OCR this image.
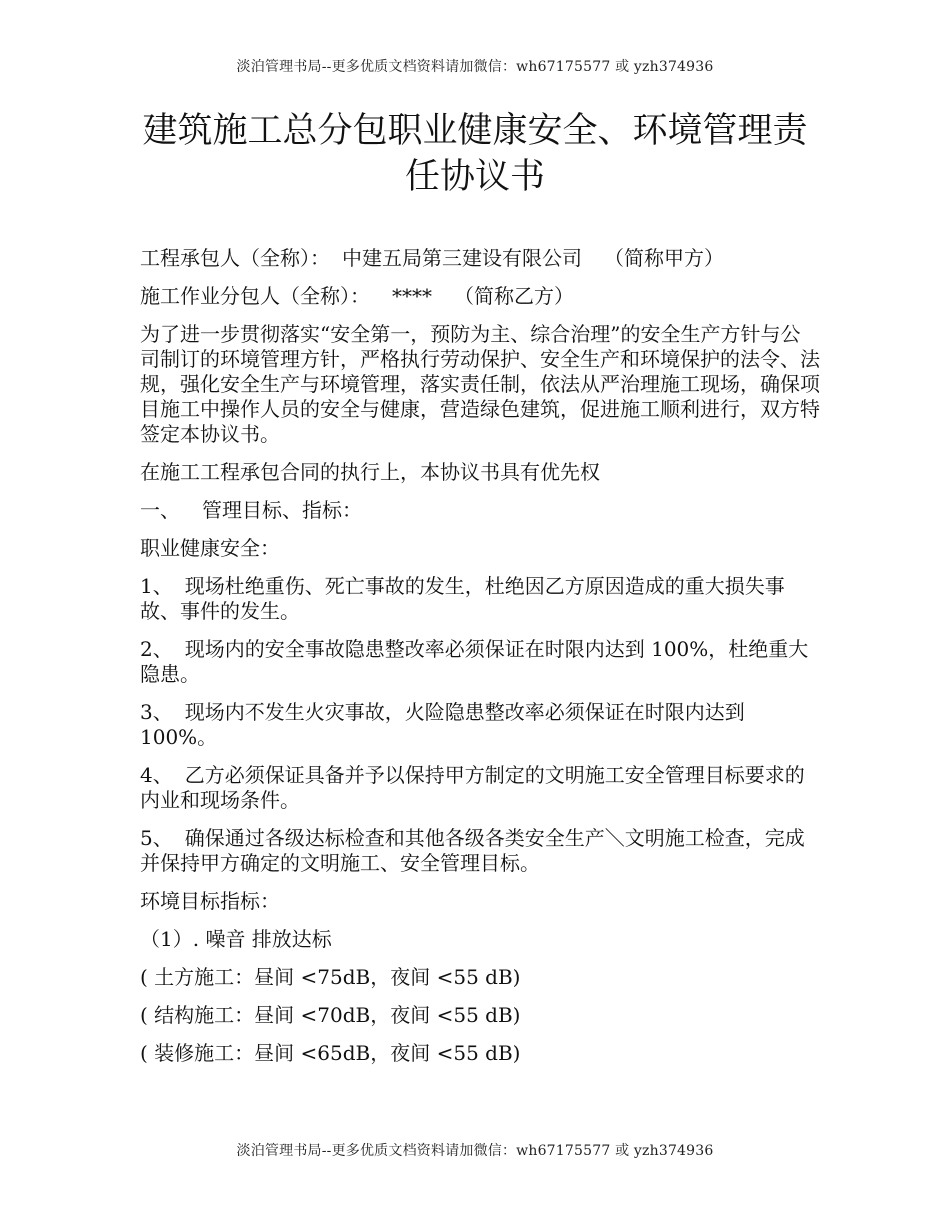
淡泊管理书局--更多优质文档资料请加微信：wh67175577 或 yzh374936
建筑施工总分包职业健康安全、环境管理责
任协议书

工程承包人（全称）： 中建五局第三建设有限公司 （简称甲方）

施工作业分包人（全称）： **** （简称乙方）

为了进一步贯彻落实“安全第一，预防为主、综合治理”的安全生产方针与公司制订的环境管理方针，严格执行劳动保护、安全生产和环境保护的法令、法规，强化安全生产与环境管理，落实责任制，依法从严治理施工现场，确保项目施工中操作人员的安全与健康，营造绿色建筑，促进施工顺利进行，双方特签定本协议书。

在施工工程承包合同的执行上，本协议书具有优先权

一、 管理目标、指标：

职业健康安全：

1、 现场杜绝重伤、死亡事故的发生，杜绝因乙方原因造成的重大损失事故、事件的发生。

2、 现场内的安全事故隐患整改率必须保证在时限内达到 100%，杜绝重大隐患。

3、 现场内不发生火灾事故，火险隐患整改率必须保证在时限内达到 100%。

4、 乙方必须保证具备并予以保持甲方制定的文明施工安全管理目标要求的内业和现场条件。

5、 确保通过各级达标检查和其他各级各类安全生产＼文明施工检查，完成并保持甲方确定的文明施工、安全管理目标。

环境目标指标：

（1）. 噪音 排放达标

( 土方施工：昼间 <75dB，夜间 <55 dB)

( 结构施工：昼间 <70dB，夜间 <55 dB)

( 装修施工：昼间 <65dB，夜间 <55 dB)

淡泊管理书局--更多优质文档资料请加微信：wh67175577 或 yzh374936
